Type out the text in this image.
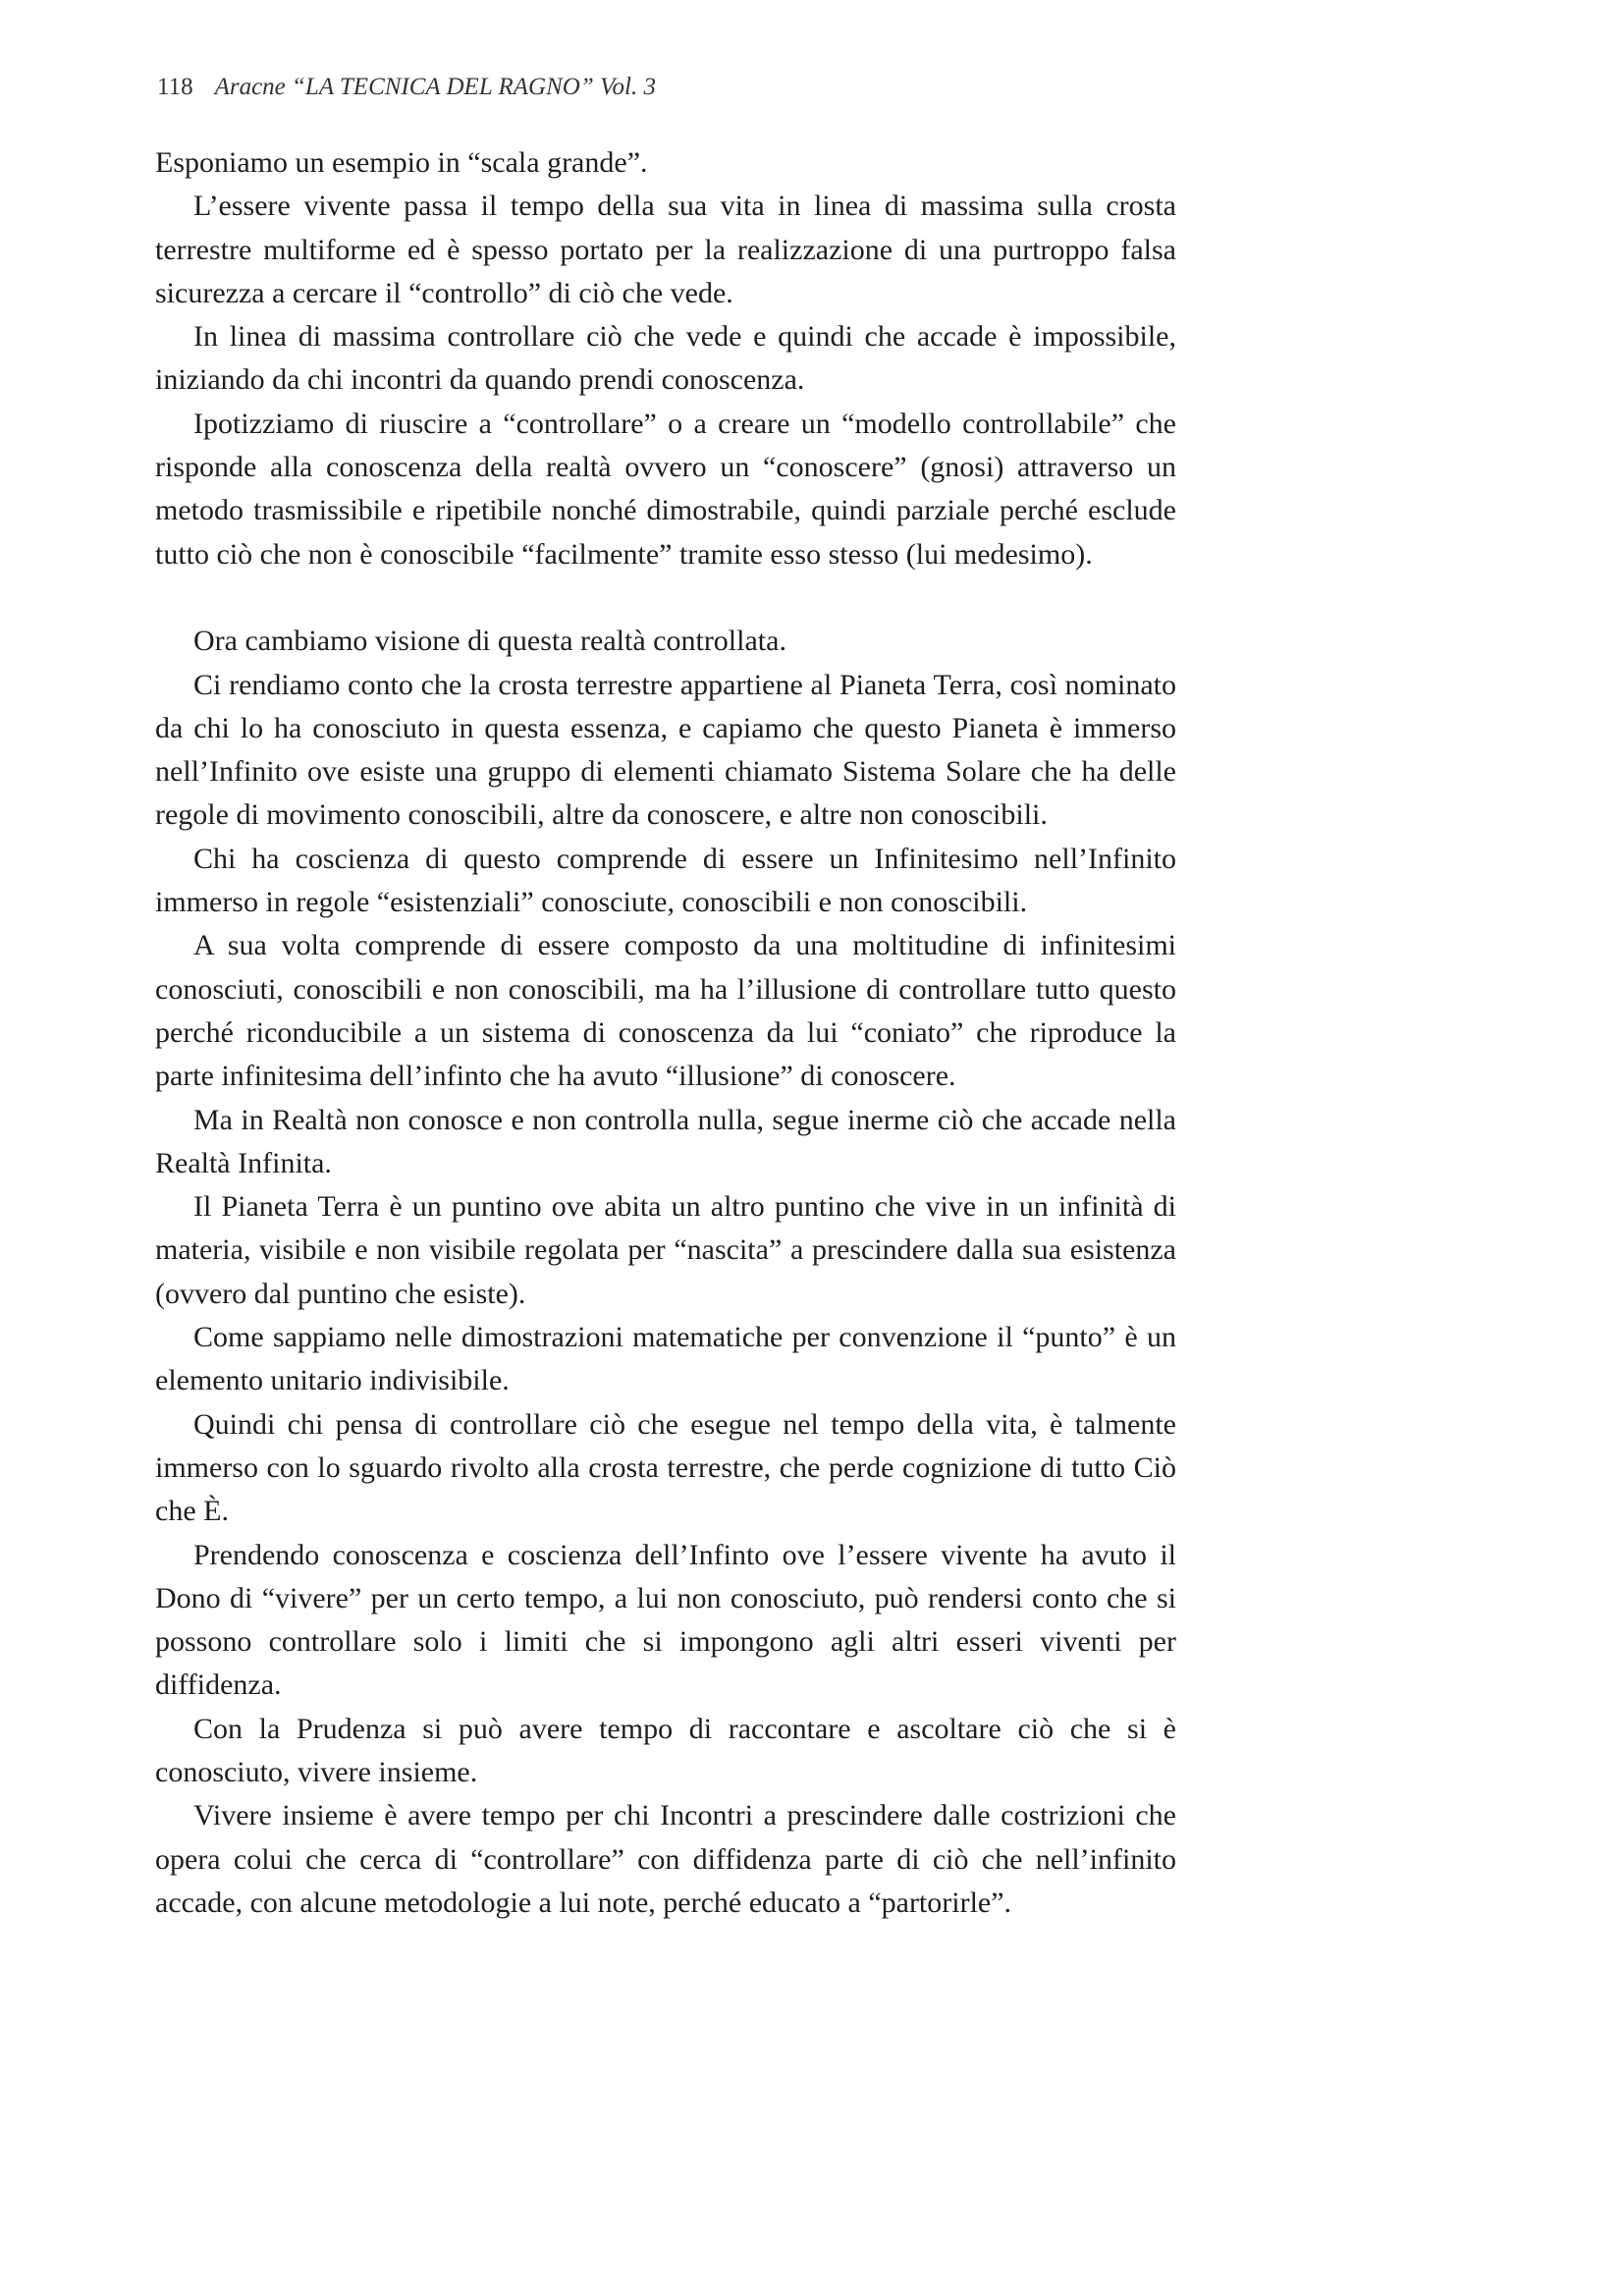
118 Aracne “LA TECNICA DEL RAGNO” Vol. 3

Esponiamo un esempio in “scala grande”.

L’essere vivente passa il tempo della sua vita in linea di massima sulla crosta terrestre multiforme ed è spesso portato per la realizzazione di una purtroppo falsa sicurezza a cercare il “controllo” di ciò che vede.

In linea di massima controllare ciò che vede e quindi che accade è impossibile, iniziando da chi incontri da quando prendi conoscenza.

Ipotizziamo di riuscire a “controllare” o a creare un “modello controllabile” che risponde alla conoscenza della realtà ovvero un “conoscere” (gnosi) attraverso un metodo trasmissibile e ripetibile nonché dimostrabile, quindi parziale perché esclude tutto ciò che non è conoscibile “facilmente” tramite esso stesso (lui medesimo).

Ora cambiamo visione di questa realtà controllata.

Ci rendiamo conto che la crosta terrestre appartiene al Pianeta Terra, così nominato da chi lo ha conosciuto in questa essenza, e capiamo che questo Pianeta è immerso nell’Infinito ove esiste una gruppo di elementi chiamato Sistema Solare che ha delle regole di movimento conoscibili, altre da conoscere, e altre non conoscibili.

Chi ha coscienza di questo comprende di essere un Infinitesimo nell’Infinito immerso in regole “esistenziali” conosciute, conoscibili e non conoscibili.

A sua volta comprende di essere composto da una moltitudine di infinitesimi conosciuti, conoscibili e non conoscibili, ma ha l’illusione di controllare tutto questo perché riconducibile a un sistema di conoscenza da lui “coniato” che riproduce la parte infinitesima dell’infinto che ha avuto “illusione” di conoscere.

Ma in Realtà non conosce e non controlla nulla, segue inerme ciò che accade nella Realtà Infinita.

Il Pianeta Terra è un puntino ove abita un altro puntino che vive in un infinità di materia, visibile e non visibile regolata per “nascita” a prescindere dalla sua esistenza (ovvero dal puntino che esiste).

Come sappiamo nelle dimostrazioni matematiche per convenzione il “punto” è un elemento unitario indivisibile.

Quindi chi pensa di controllare ciò che esegue nel tempo della vita, è talmente immerso con lo sguardo rivolto alla crosta terrestre, che perde cognizione di tutto Ciò che È.

Prendendo conoscenza e coscienza dell’Infinto ove l’essere vivente ha avuto il Dono di “vivere” per un certo tempo, a lui non conosciuto, può rendersi conto che si possono controllare solo i limiti che si impongono agli altri esseri viventi per diffidenza.

Con la Prudenza si può avere tempo di raccontare e ascoltare ciò che si è conosciuto, vivere insieme.

Vivere insieme è avere tempo per chi Incontri a prescindere dalle costrizioni che opera colui che cerca di “controllare” con diffidenza parte di ciò che nell’infinito accade, con alcune metodologie a lui note, perché educato a “partorirle”.
